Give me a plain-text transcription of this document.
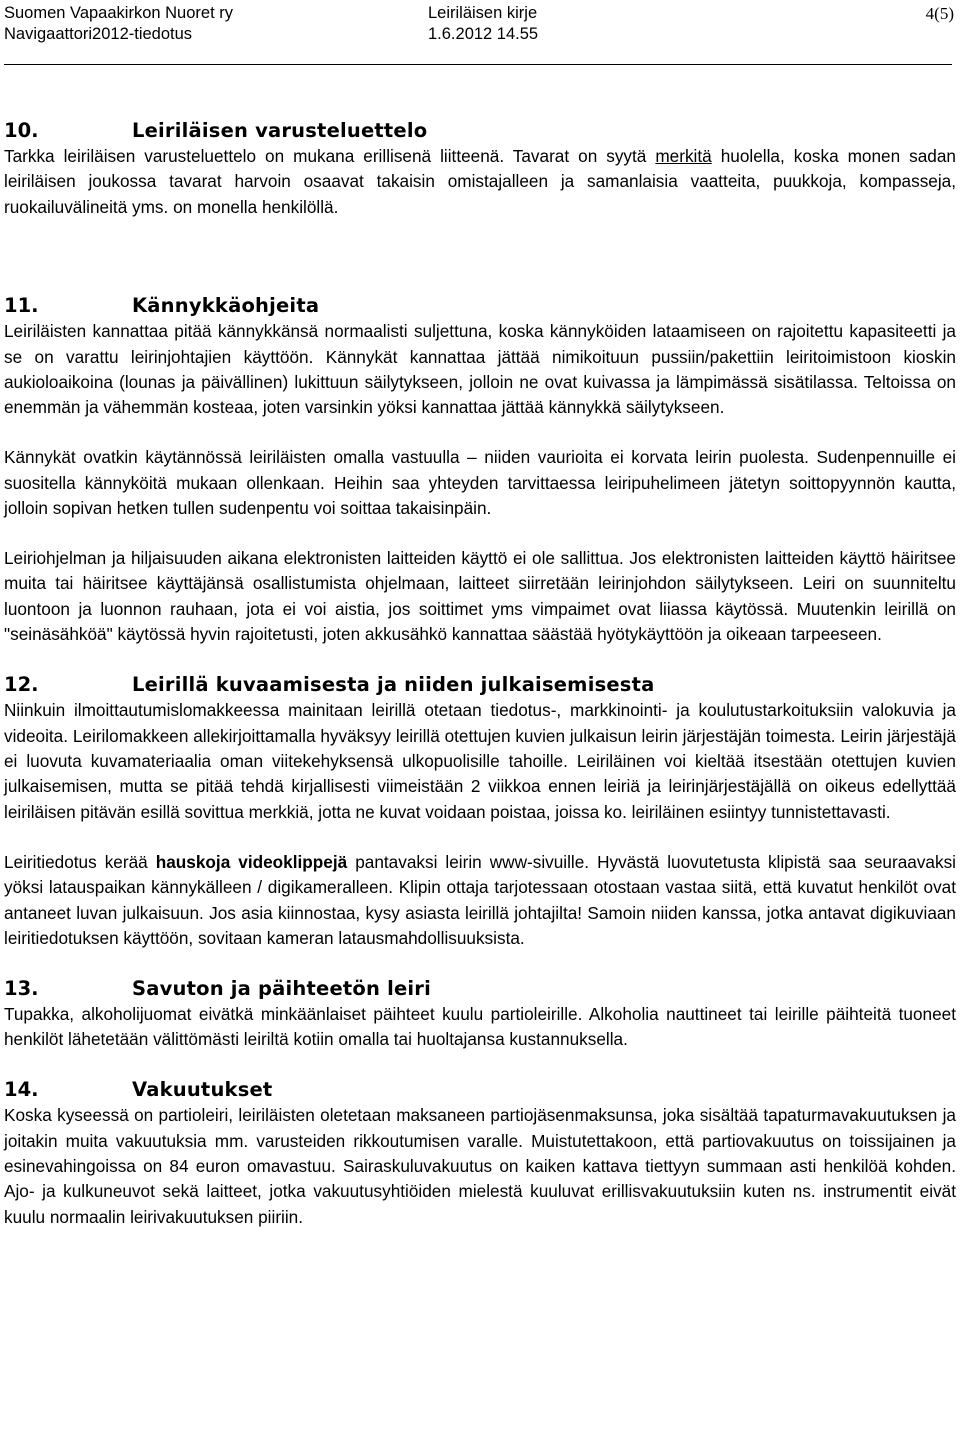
Suomen Vapaakirkon Nuoret ry	Leiriläisen kirje	4(5)
Navigaattori2012-tiedotus	1.6.2012 14.55
10.	Leiriläisen varusteluettelo

Tarkka leiriläisen varusteluettelo on mukana erillisenä liitteenä. Tavarat on syytä merkitä huolella, koska monen sadan leiriläisen joukossa tavarat harvoin osaavat takaisin omistajalleen ja samanlaisia vaatteita, puukkoja, kompasseja, ruokailuvälineitä yms. on monella henkilöllä.

11.	Kännykkäohjeita

Leiriläisten kannattaa pitää kännykkänsä normaalisti suljettuna, koska kännyköiden lataamiseen on rajoitettu kapasiteetti ja se on varattu leirinjohtajien käyttöön. Kännykät kannattaa jättää nimikoituun pussiin/pakettiin leiritoimistoon kioskin aukioloaikoina (lounas ja päivällinen) lukittuun säilytykseen, jolloin ne ovat kuivassa ja lämpimässä sisätilassa. Teltoissa on enemmän ja vähemmän kosteaa, joten varsinkin yöksi kannattaa jättää kännykkä säilytykseen.

Kännykät ovatkin käytännössä leiriläisten omalla vastuulla – niiden vaurioita ei korvata leirin puolesta. Sudenpennuille ei suositella kännyköitä mukaan ollenkaan. Heihin saa yhteyden tarvittaessa leiripuhelimeen jätetyn soittopyynnön kautta, jolloin sopivan hetken tullen sudenpentu voi soittaa takaisinpäin.

Leiriohjelman ja hiljaisuuden aikana elektronisten laitteiden käyttö ei ole sallittua. Jos elektronisten laitteiden käyttö häiritsee muita tai häiritsee käyttäjänsä osallistumista ohjelmaan, laitteet siirretään leirinjohdon säilytykseen. Leiri on suunniteltu luontoon ja luonnon rauhaan, jota ei voi aistia, jos soittimet yms vimpaimet ovat liiassa käytössä. Muutenkin leirillä on "seinäsähköä" käytössä hyvin rajoitetusti, joten akkusähkö kannattaa säästää hyötykäyttöön ja oikeaan tarpeeseen.

12.	Leirillä kuvaamisesta ja niiden julkaisemisesta

Niinkuin ilmoittautumislomakkeessa mainitaan leirillä otetaan tiedotus-, markkinointi- ja koulutustarkoituksiin valokuvia ja videoita. Leirilomakkeen allekirjoittamalla hyväksyy leirillä otettujen kuvien julkaisun leirin järjestäjän toimesta. Leirin järjestäjä ei luovuta kuvamateriaalia oman viitekehyksensä ulkopuolisille tahoille. Leiriläinen voi kieltää itsestään otettujen kuvien julkaisemisen, mutta se pitää tehdä kirjallisesti viimeistään 2 viikkoa ennen leiriä ja leirinjärjestäjällä on oikeus edellyttää leiriläisen pitävän esillä sovittua merkkiä, jotta ne kuvat voidaan poistaa, joissa ko. leiriläinen esiintyy tunnistettavasti.

Leiritiedotus kerää hauskoja videoklippejä pantavaksi leirin www-sivuille. Hyvästä luovutetusta klipistä saa seuraavaksi yöksi latauspaikan kännykälleen / digikameralleen. Klipin ottaja tarjotessaan otostaan vastaa siitä, että kuvatut henkilöt ovat antaneet luvan julkaisuun. Jos asia kiinnostaa, kysy asiasta leirillä johtajilta! Samoin niiden kanssa, jotka antavat digikuviaan leiritiedotuksen käyttöön, sovitaan kameran latausmahdollisuuksista.

13.	Savuton ja päihteetön leiri

Tupakka, alkoholijuomat eivätkä minkäänlaiset päihteet kuulu partioleirille. Alkoholia nauttineet tai leirille päihteitä tuoneet henkilöt lähetetään välittömästi leiriltä kotiin omalla tai huoltajansa kustannuksella.

14.	Vakuutukset

Koska kyseessä on partioleiri, leiriläisten oletetaan maksaneen partiojäsenmaksunsa, joka sisältää tapaturmavakuutuksen ja joitakin muita vakuutuksia mm. varusteiden rikkoutumisen varalle. Muistutettakoon, että partiovakuutus on toissijainen ja esinevahingoissa on 84 euron omavastuu. Sairaskuluvakuutus on kaiken kattava tiettyyn summaan asti henkilöä kohden. Ajo- ja kulkuneuvot sekä laitteet, jotka vakuutusyhtiöiden mielestä kuuluvat erillisvakuutuksiin kuten ns. instrumentit eivät kuulu normaalin leirivakuutuksen piiriin.
